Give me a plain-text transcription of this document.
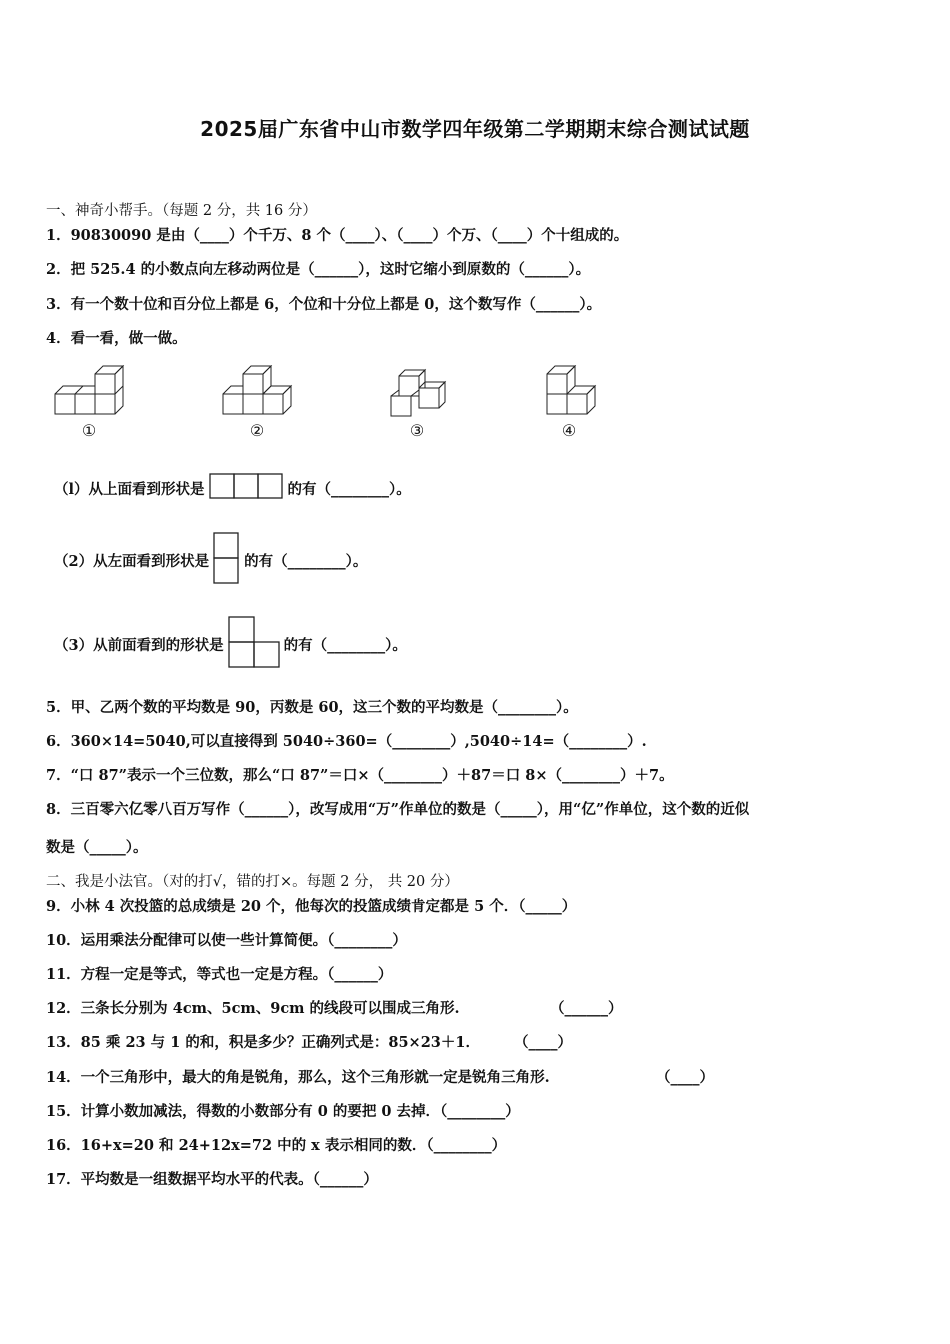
2025届广东省中山市数学四年级第二学期期末综合测试试题
一、神奇小帮手。（每题 2 分，共 16 分）
1．90830090 是由（____）个千万、8 个（____）、（____）个万、（____）个十组成的。
2．把 525.4 的小数点向左移动两位是（______），这时它缩小到原数的（______）。
3．有一个数十位和百分位上都是 6，个位和十分位上都是 0，这个数写作（______）。
4．看一看，做一做。
①	②	③	④
（l）从上面看到形状是	的有（________）。
（2）从左面看到形状是 的有（________）。
（3）从前面看到的形状是	的有（________）。
5．甲、乙两个数的平均数是 90，丙数是 60，这三个数的平均数是（________）。
6．360×14=5040,可以直接得到 5040÷360=（________）,5040÷14=（________）.
7．“口 87”表示一个三位数，那么“口 87”＝口×（________）＋87＝口 8×（________）＋7。
8．三百零六亿零八百万写作（______），改写成用“万”作单位的数是（_____），用“亿”作单位，这个数的近似
数是（_____）。
二、我是小法官。（对的打√，错的打×。每题 2 分， 共 20 分）
9．小林 4 次投篮的总成绩是 20 个，他每次的投篮成绩肯定都是 5 个．（_____）
10．运用乘法分配律可以使一些计算简便。（________）
11．方程一定是等式，等式也一定是方程。（______）
12．三条长分别为 4cm、5cm、9cm 的线段可以围成三角形.	（______）
13．85 乘 23 与 1 的和，积是多少？正确列式是：85×23＋1． （____）
14．一个三角形中，最大的角是锐角，那么，这个三角形就一定是锐角三角形.	（____）
15．计算小数加减法，得数的小数部分有 0 的要把 0 去掉．（________）
16．16+x=20 和 24+12x=72 中的 x 表示相同的数．（________）
17．平均数是一组数据平均水平的代表。（______）
